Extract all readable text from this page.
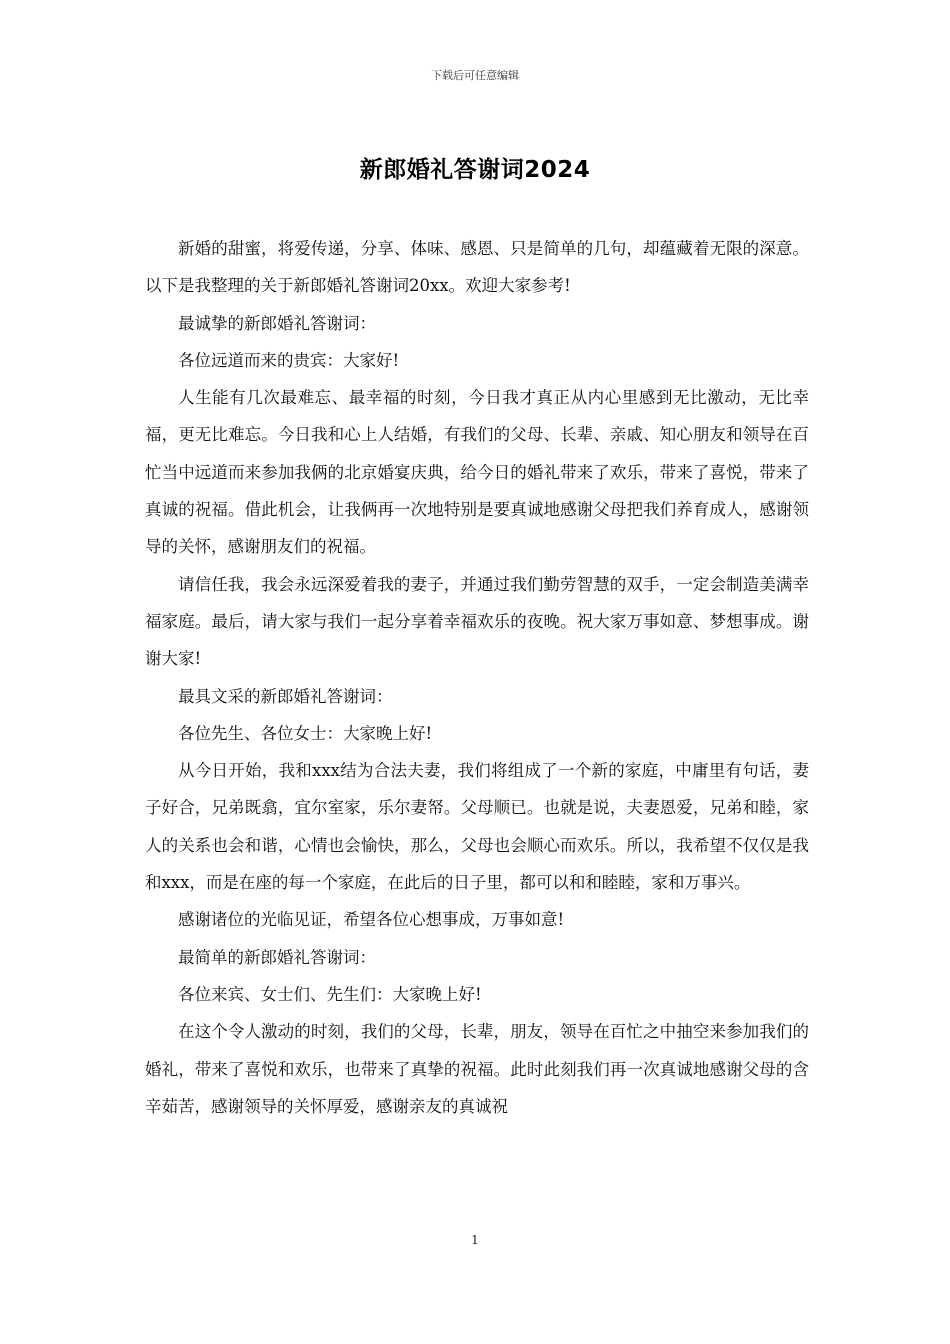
下载后可任意编辑
新郎婚礼答谢词2024

新婚的甜蜜，将爱传递，分享、体味、感恩、只是简单的几句，却蕴藏着无限的深意。以下是我整理的关于新郎婚礼答谢词20xx。欢迎大家参考!

最诚挚的新郎婚礼答谢词：

各位远道而来的贵宾：大家好!

人生能有几次最难忘、最幸福的时刻，今日我才真正从内心里感到无比激动，无比幸福，更无比难忘。今日我和心上人结婚，有我们的父母、长辈、亲戚、知心朋友和领导在百忙当中远道而来参加我俩的北京婚宴庆典，给今日的婚礼带来了欢乐，带来了喜悦，带来了真诚的祝福。借此机会，让我俩再一次地特别是要真诚地感谢父母把我们养育成人，感谢领导的关怀，感谢朋友们的祝福。

请信任我，我会永远深爱着我的妻子，并通过我们勤劳智慧的双手，一定会制造美满幸福家庭。最后，请大家与我们一起分享着幸福欢乐的夜晚。祝大家万事如意、梦想事成。谢谢大家!

最具文采的新郎婚礼答谢词：

各位先生、各位女士：大家晚上好!

从今日开始，我和xxx结为合法夫妻，我们将组成了一个新的家庭，中庸里有句话，妻子好合，兄弟既翕，宜尔室家，乐尔妻帑。父母顺已。也就是说，夫妻恩爱，兄弟和睦，家人的关系也会和谐，心情也会愉快，那么，父母也会顺心而欢乐。所以，我希望不仅仅是我和xxx，而是在座的每一个家庭，在此后的日子里，都可以和和睦睦，家和万事兴。

感谢诸位的光临见证，希望各位心想事成，万事如意!

最简单的新郎婚礼答谢词：

各位来宾、女士们、先生们：大家晚上好!

在这个令人激动的时刻，我们的父母，长辈，朋友，领导在百忙之中抽空来参加我们的婚礼，带来了喜悦和欢乐，也带来了真挚的祝福。此时此刻我们再一次真诚地感谢父母的含辛茹苦，感谢领导的关怀厚爱，感谢亲友的真诚祝

1
